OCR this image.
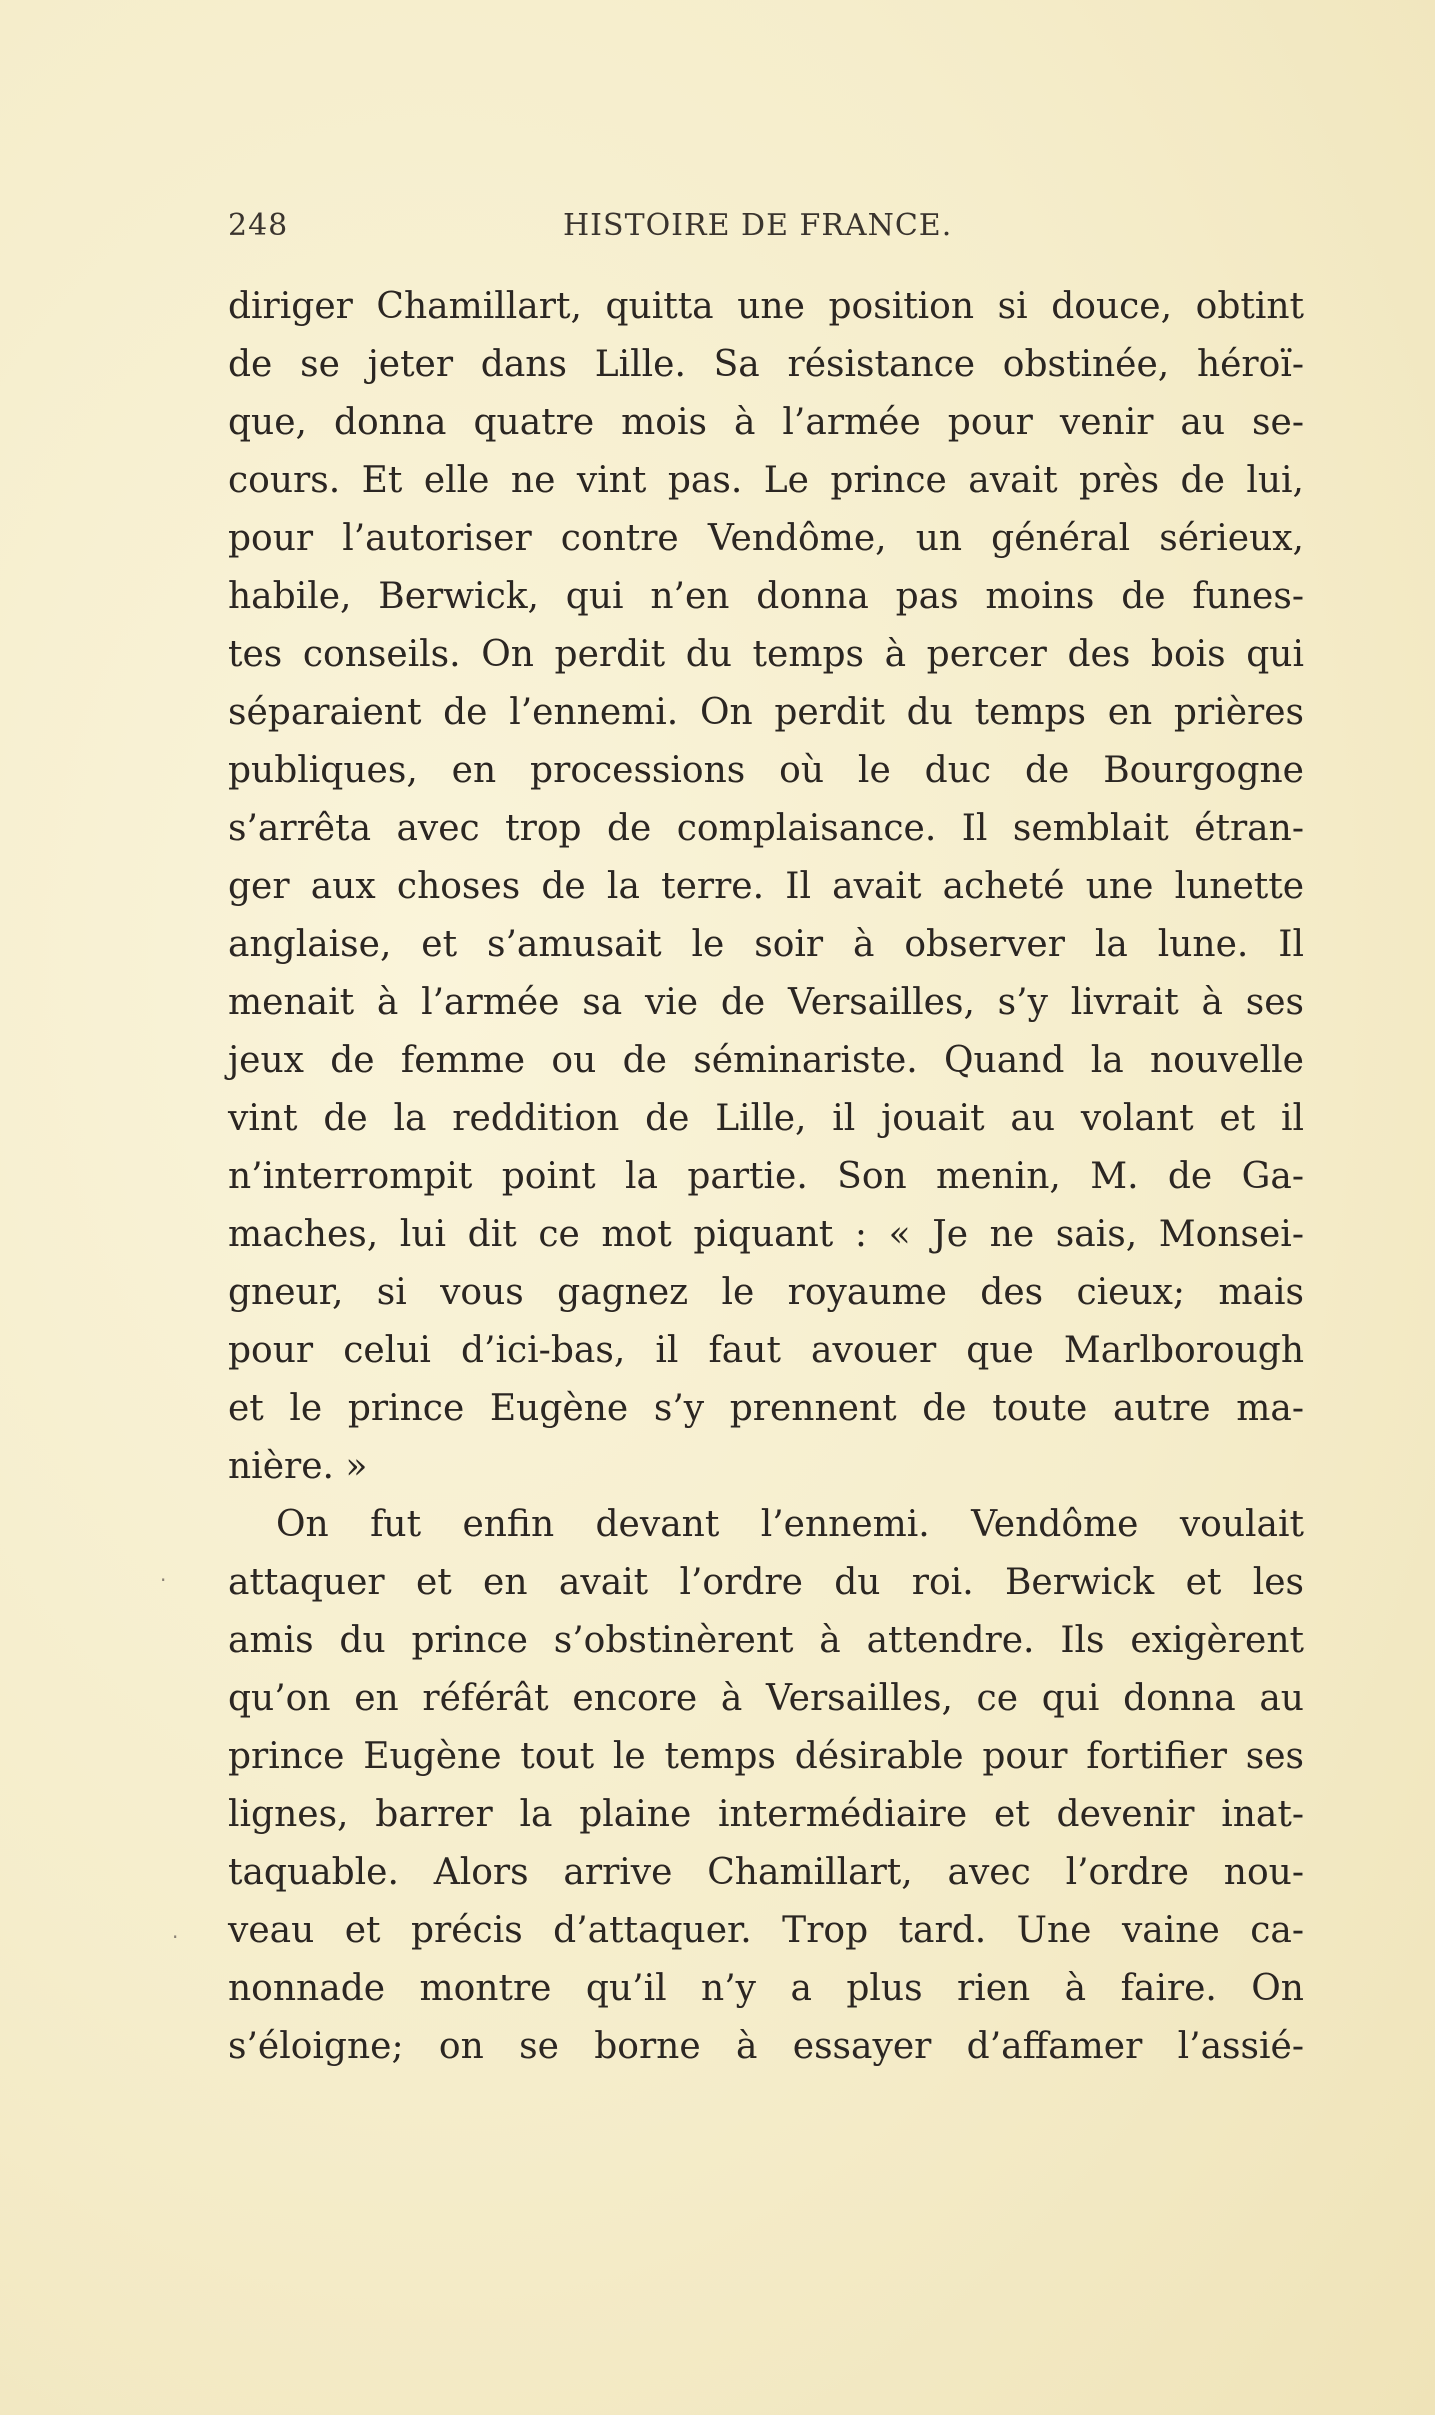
248	HISTOIRE DE FRANCE.
diriger Chamillart, quitta une position si douce, obtint
de se jeter dans Lille. Sa résistance obstinée, héroï-
que, donna quatre mois à l’armée pour venir au se-
cours. Et elle ne vint pas. Le prince avait près de lui,
pour l’autoriser contre Vendôme, un général sérieux,
habile, Berwick, qui n’en donna pas moins de funes-
tes conseils. On perdit du temps à percer des bois qui
séparaient de l’ennemi. On perdit du temps en prières
publiques, en processions où le duc de Bourgogne
s’arrêta avec trop de complaisance. Il semblait étran-
ger aux choses de la terre. Il avait acheté une lunette
anglaise, et s’amusait le soir à observer la lune. Il
menait à l’armée sa vie de Versailles, s’y livrait à ses
jeux de femme ou de séminariste. Quand la nouvelle
vint de la reddition de Lille, il jouait au volant et il
n’interrompit point la partie. Son menin, M. de Ga-
maches, lui dit ce mot piquant : « Je ne sais, Monsei-
gneur, si vous gagnez le royaume des cieux; mais
pour celui d’ici-bas, il faut avouer que Marlborough
et le prince Eugène s’y prennent de toute autre ma-
nière. »
On fut enfin devant l’ennemi. Vendôme voulait
attaquer et en avait l’ordre du roi. Berwick et les
amis du prince s’obstinèrent à attendre. Ils exigèrent
qu’on en référât encore à Versailles, ce qui donna au
prince Eugène tout le temps désirable pour fortifier ses
lignes, barrer la plaine intermédiaire et devenir inat-
taquable. Alors arrive Chamillart, avec l’ordre nou-
veau et précis d’attaquer. Trop tard. Une vaine ca-
nonnade montre qu’il n’y a plus rien à faire. On
s’éloigne; on se borne à essayer d’affamer l’assié-
·
·
